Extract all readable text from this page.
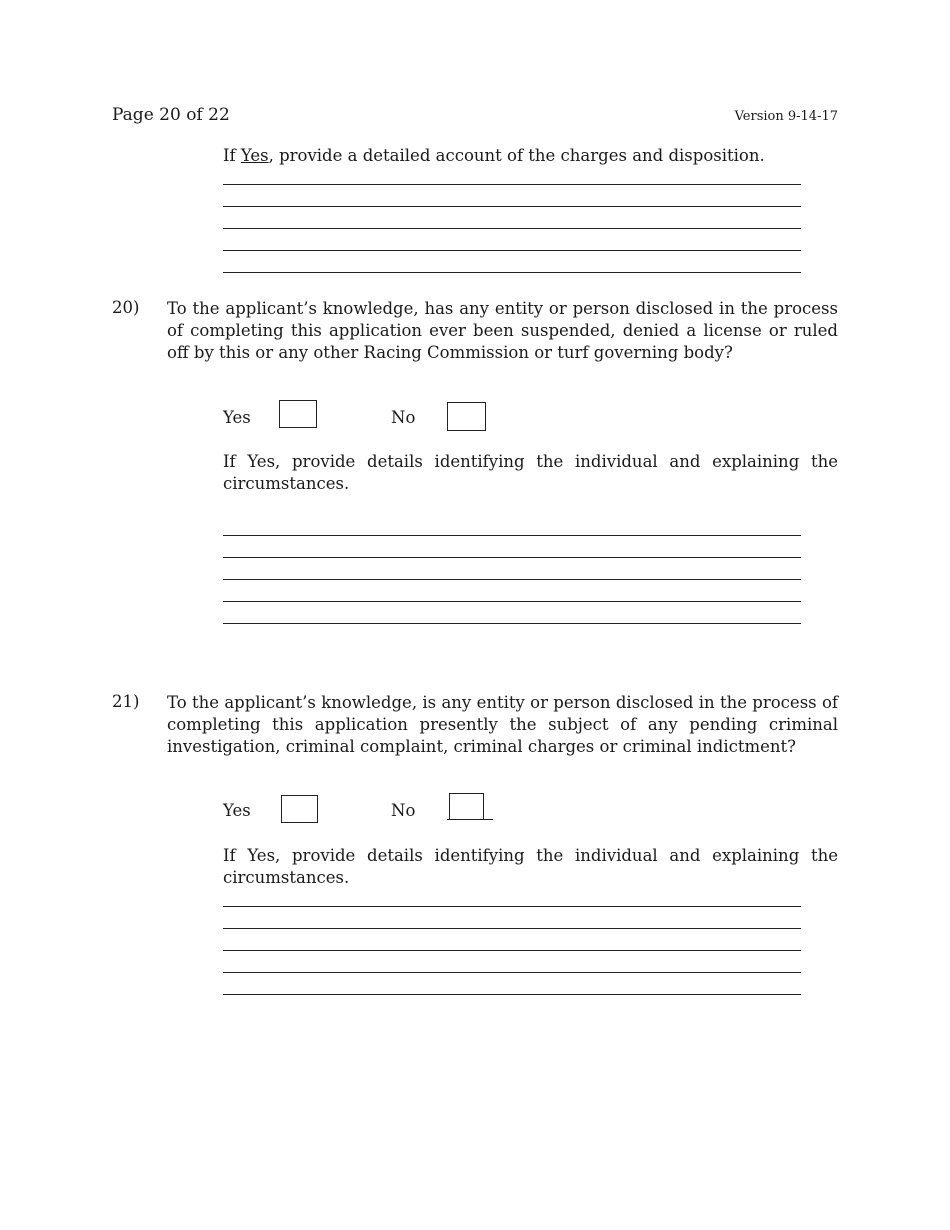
Page 20 of 22	Version 9-14-17
If Yes, provide a detailed account of the charges and disposition.
20) To the applicant’s knowledge, has any entity or person disclosed in the process of completing this application ever been suspended, denied a license or ruled off by this or any other Racing Commission or turf governing body?
Yes	No
If Yes, provide details identifying the individual and explaining the circumstances.
21) To the applicant’s knowledge, is any entity or person disclosed in the process of completing this application presently the subject of any pending criminal investigation, criminal complaint, criminal charges or criminal indictment?
Yes	No
If Yes, provide details identifying the individual and explaining the circumstances.
